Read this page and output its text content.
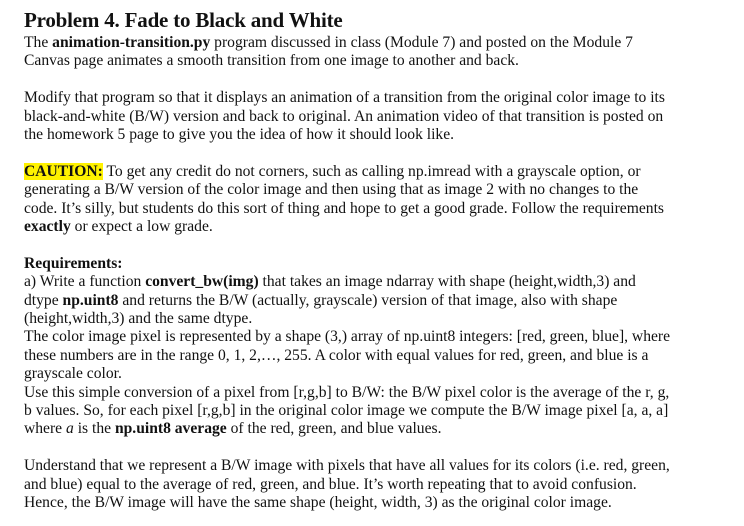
Problem 4. Fade to Black and White

The animation-transition.py program discussed in class (Module 7) and posted on the Module 7
Canvas page animates a smooth transition from one image to another and back.

Modify that program so that it displays an animation of a transition from the original color image to its
black-and-white (B/W) version and back to original. An animation video of that transition is posted on
the homework 5 page to give you the idea of how it should look like.

CAUTION: To get any credit do not corners, such as calling np.imread with a grayscale option, or
generating a B/W version of the color image and then using that as image 2 with no changes to the
code. It’s silly, but students do this sort of thing and hope to get a good grade. Follow the requirements
exactly or expect a low grade.

Requirements:
a) Write a function convert_bw(img) that takes an image ndarray with shape (height,width,3) and
dtype np.uint8 and returns the B/W (actually, grayscale) version of that image, also with shape
(height,width,3) and the same dtype.
The color image pixel is represented by a shape (3,) array of np.uint8 integers: [red, green, blue], where
these numbers are in the range 0, 1, 2,…, 255. A color with equal values for red, green, and blue is a
grayscale color.
Use this simple conversion of a pixel from [r,g,b] to B/W: the B/W pixel color is the average of the r, g,
b values. So, for each pixel [r,g,b] in the original color image we compute the B/W image pixel [a, a, a]
where a is the np.uint8 average of the red, green, and blue values.

Understand that we represent a B/W image with pixels that have all values for its colors (i.e. red, green,
and blue) equal to the average of red, green, and blue. It’s worth repeating that to avoid confusion.
Hence, the B/W image will have the same shape (height, width, 3) as the original color image.
